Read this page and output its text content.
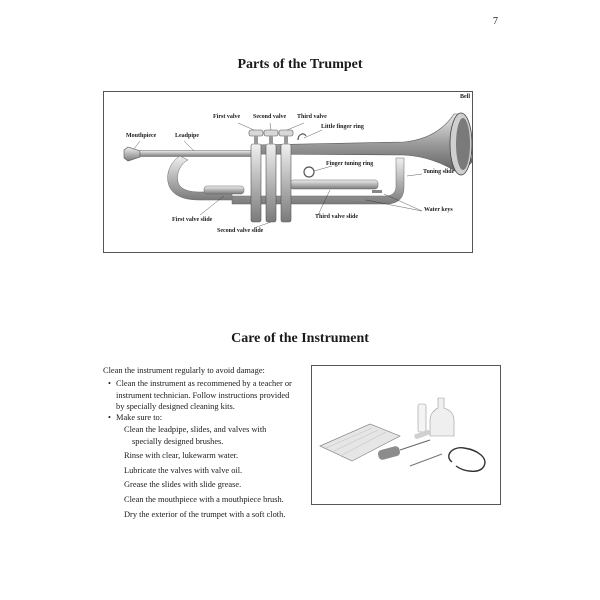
7
Parts of the Trumpet
Bell
First valve Second valve Third valve
Little finger ring
Mouthpiece	Leadpipe
Finger tuning ring
Tuning slide
Water keys
First valve slide	Third valve slide
Second valve slide
Care of the Instrument
Clean the instrument regularly to avoid damage:
• Clean the instrument as recommened by a teacher or
instrument technician. Follow instructions provided
by specially designed cleaning kits.
• Make sure to:
Clean the leadpipe, slides, and valves with
specially designed brushes.
Rinse with clear, lukewarm water.
Lubricate the valves with valve oil.
Grease the slides with slide grease.
Clean the mouthpiece with a mouthpiece brush.
Dry the exterior of the trumpet with a soft cloth.
